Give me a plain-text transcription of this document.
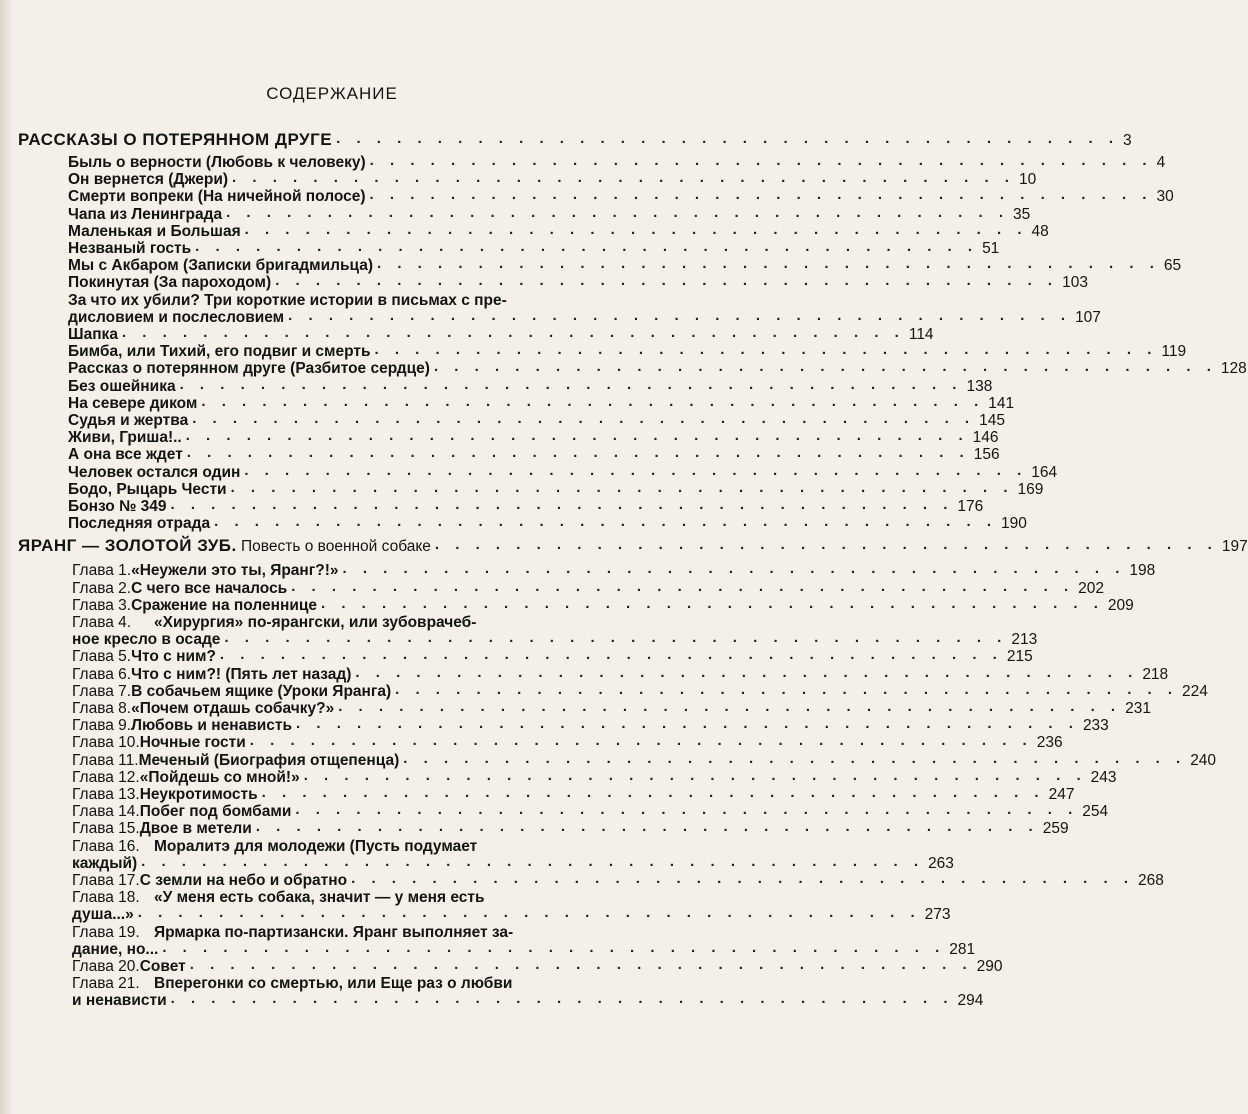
СОДЕРЖАНИЕ
РАССКАЗЫ О ПОТЕРЯННОМ ДРУГЕ . . . . . . . . . . . . . . . . . . . . . . . . . . . . . . . . . . . . . . . 3
Быль о верности (Любовь к человеку) . . . . . . . . . . . . . . . . . . . . . . . . . . . . . . . . . . . . . . . 4
Он вернется (Джери) . . . . . . . . . . . . . . . . . . . . . . . . . . . . . . . . . . . . . . . 10
Смерти вопреки (На ничейной полосе) . . . . . . . . . . . . . . . . . . . . . . . . . . . . . . . . . . . . . . . 30
Чапа из Ленинграда . . . . . . . . . . . . . . . . . . . . . . . . . . . . . . . . . . . . . . . 35
Маленькая и Большая . . . . . . . . . . . . . . . . . . . . . . . . . . . . . . . . . . . . . . . 48
Незваный гость . . . . . . . . . . . . . . . . . . . . . . . . . . . . . . . . . . . . . . . 51
Мы с Акбаром (Записки бригадмильца) . . . . . . . . . . . . . . . . . . . . . . . . . . . . . . . . . . . . . . . 65
Покинутая (За пароходом) . . . . . . . . . . . . . . . . . . . . . . . . . . . . . . . . . . . . . . . 103
За что их убили? Три короткие истории в письмах с пре-
дисловием и послесловием . . . . . . . . . . . . . . . . . . . . . . . . . . . . . . . . . . . . . . . 107
Шапка . . . . . . . . . . . . . . . . . . . . . . . . . . . . . . . . . . . . . . . 114
Бимба, или Тихий, его подвиг и смерть . . . . . . . . . . . . . . . . . . . . . . . . . . . . . . . . . . . . . . . 119
Рассказ о потерянном друге (Разбитое сердце) . . . . . . . . . . . . . . . . . . . . . . . . . . . . . . . . . . . . . . . 128
Без ошейника . . . . . . . . . . . . . . . . . . . . . . . . . . . . . . . . . . . . . . . 138
На севере диком . . . . . . . . . . . . . . . . . . . . . . . . . . . . . . . . . . . . . . . 141
Судья и жертва . . . . . . . . . . . . . . . . . . . . . . . . . . . . . . . . . . . . . . . 145
Живи, Гриша!.. . . . . . . . . . . . . . . . . . . . . . . . . . . . . . . . . . . . . . . . 146
А она все ждет . . . . . . . . . . . . . . . . . . . . . . . . . . . . . . . . . . . . . . . 156
Человек остался один . . . . . . . . . . . . . . . . . . . . . . . . . . . . . . . . . . . . . . . 164
Бодо, Рыцарь Чести . . . . . . . . . . . . . . . . . . . . . . . . . . . . . . . . . . . . . . . 169
Бонзо № 349 . . . . . . . . . . . . . . . . . . . . . . . . . . . . . . . . . . . . . . . 176
Последняя отрада . . . . . . . . . . . . . . . . . . . . . . . . . . . . . . . . . . . . . . . 190
ЯРАНГ — ЗОЛОТОЙ ЗУБ. Повесть о военной собаке . . . . . . . . . . . . . . . . . . . . . . . . . . . . . . . . . . . . . . . 197
Глава 1. «Неужели это ты, Яранг?!» . . . . . . . . . . . . . . . . . . . . . . . . . . . . . . . . . . . . . . . 198
Глава 2. С чего все началось . . . . . . . . . . . . . . . . . . . . . . . . . . . . . . . . . . . . . . . 202
Глава 3. Сражение на поленнице . . . . . . . . . . . . . . . . . . . . . . . . . . . . . . . . . . . . . . . 209
Глава 4.	«Хирургия» по-ярангски, или зубовpачеб-
ное кресло в осаде . . . . . . . . . . . . . . . . . . . . . . . . . . . . . . . . . . . . . . . 213
Глава 5. Что с ним? . . . . . . . . . . . . . . . . . . . . . . . . . . . . . . . . . . . . . . . 215
Глава 6. Что с ним?! (Пять лет назад) . . . . . . . . . . . . . . . . . . . . . . . . . . . . . . . . . . . . . . . 218
Глава 7. В собачьем ящике (Уроки Яранга) . . . . . . . . . . . . . . . . . . . . . . . . . . . . . . . . . . . . . . . 224
Глава 8. «Почем отдашь собачку?» . . . . . . . . . . . . . . . . . . . . . . . . . . . . . . . . . . . . . . . 231
Глава 9. Любовь и ненависть . . . . . . . . . . . . . . . . . . . . . . . . . . . . . . . . . . . . . . . 233
Глава 10. Ночные гости . . . . . . . . . . . . . . . . . . . . . . . . . . . . . . . . . . . . . . . 236
Глава 11. Меченый (Биография отщепенца) . . . . . . . . . . . . . . . . . . . . . . . . . . . . . . . . . . . . . . . 240
Глава 12. «Пойдешь со мной!» . . . . . . . . . . . . . . . . . . . . . . . . . . . . . . . . . . . . . . . 243
Глава 13. Неукротимость . . . . . . . . . . . . . . . . . . . . . . . . . . . . . . . . . . . . . . . 247
Глава 14. Побег под бомбами . . . . . . . . . . . . . . . . . . . . . . . . . . . . . . . . . . . . . . . 254
Глава 15. Двое в метели . . . . . . . . . . . . . . . . . . . . . . . . . . . . . . . . . . . . . . . 259
Глава 16. Моралитэ для молодежи (Пусть подумает
каждый) . . . . . . . . . . . . . . . . . . . . . . . . . . . . . . . . . . . . . . . 263
Глава 17. С земли на небо и обратно . . . . . . . . . . . . . . . . . . . . . . . . . . . . . . . . . . . . . . . 268
Глава 18. «У меня есть собака, значит — у меня есть
душа...» . . . . . . . . . . . . . . . . . . . . . . . . . . . . . . . . . . . . . . . 273
Глава 19. Ярмарка по-партизански. Яранг выполняет за-
дание, но... . . . . . . . . . . . . . . . . . . . . . . . . . . . . . . . . . . . . . . . 281
Глава 20. Совет . . . . . . . . . . . . . . . . . . . . . . . . . . . . . . . . . . . . . . . 290
Глава 21. Вперегонки со смертью, или Еще раз о любви
и ненависти . . . . . . . . . . . . . . . . . . . . . . . . . . . . . . . . . . . . . . . 294
